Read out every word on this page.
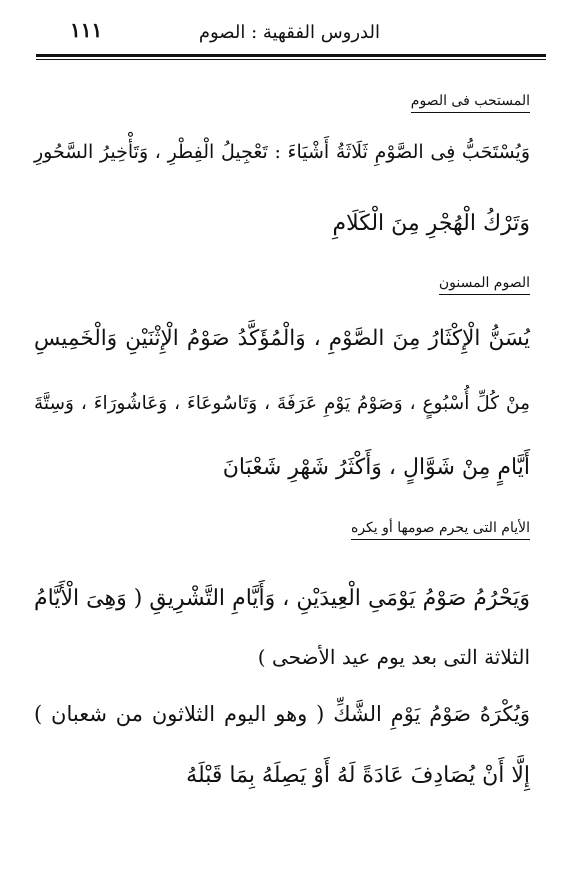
الدروس الفقهية : الصوم
١١١
المستحب فى الصوم
وَيُسْتَحَبُّ فِى الصَّوْمِ ثَلَاثَةُ أَشْيَاءَ : تَعْجِيلُ الْفِطْرِ ، وَتَأْخِيرُ السَّحُورِ
وَتَرْكُ الْهُجْرِ مِنَ الْكَلَامِ
الصوم المسنون
يُسَنُّ الْإِكْثَارُ مِنَ الصَّوْمِ ، وَالْمُؤَكَّدُ صَوْمُ الْإِثْنَيْنِ وَالْخَمِيسِ
مِنْ كُلِّ أُسْبُوعٍ ، وَصَوْمُ يَوْمِ عَرَفَةَ ، وَتَاسُوعَاءَ ، وَعَاشُورَاءَ ، وَسِتَّةَ
أَيَّامٍ مِنْ شَوَّالٍ ، وَأَكْثَرُ شَهْرِ شَعْبَانَ
الأيام التى يحرم صومها أو يكره
وَيَحْرُمُ صَوْمُ يَوْمَىِ الْعِيدَيْنِ ، وَأَيَّامِ التَّشْرِيقِ ( وَهِىَ الْأَيَّامُ
الثلاثة التى بعد يوم عيد الأضحى )
وَيُكْرَهُ صَوْمُ يَوْمِ الشَّكِّ ( وهو اليوم الثلاثون من شعبان )
إِلَّا أَنْ يُصَادِفَ عَادَةً لَهُ أَوْ يَصِلَهُ بِمَا قَبْلَهُ
